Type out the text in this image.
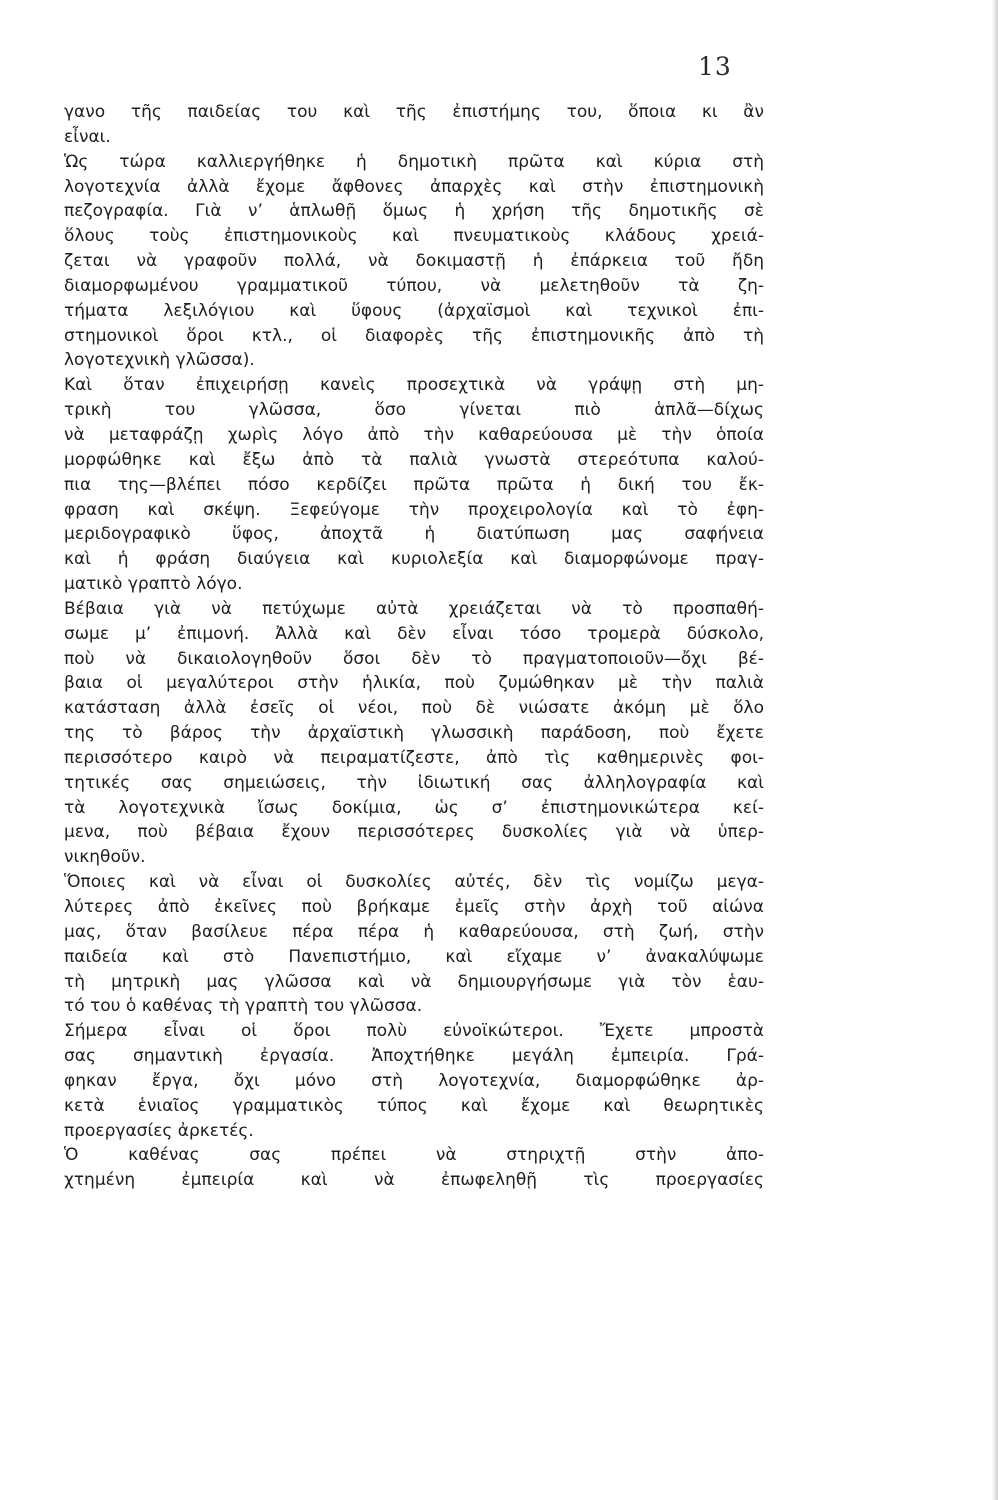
13
γανο τῆς παιδείας του καὶ τῆς ἐπιστήμης του, ὅποια κι ἂν
εἶναι.
Ὡς τώρα καλλιεργήθηκε ἡ δημοτικὴ πρῶτα καὶ κύρια στὴ
λογοτεχνία ἀλλὰ ἔχομε ἄφθονες ἀπαρχὲς καὶ στὴν ἐπιστημονικὴ
πεζογραφία. Γιὰ ν’ ἁπλωθῇ ὅμως ἡ χρήση τῆς δημοτικῆς σὲ
ὅλους τοὺς ἐπιστημονικοὺς καὶ πνευματικοὺς κλάδους χρειά-
ζεται νὰ γραφοῦν πολλά, νὰ δοκιμαστῇ ἡ ἐπάρκεια τοῦ ἤδη
διαμορφωμένου γραμματικοῦ τύπου, νὰ μελετηθοῦν τὰ ζη-
τήματα λεξιλόγιου καὶ ὕφους (ἀρχαϊσμοὶ καὶ τεχνικοὶ ἐπι-
στημονικοὶ ὅροι κτλ., οἱ διαφορὲς τῆς ἐπιστημονικῆς ἀπὸ τὴ
λογοτεχνικὴ γλῶσσα).
Καὶ ὅταν ἐπιχειρήσῃ κανεὶς προσεχτικὰ νὰ γράψῃ στὴ μη-
τρικὴ του γλῶσσα, ὅσο γίνεται πιὸ ἁπλᾶ—δίχως
νὰ μεταφράζῃ χωρὶς λόγο ἀπὸ τὴν καθαρεύουσα μὲ τὴν ὁποία
μορφώθηκε καὶ ἔξω ἀπὸ τὰ παλιὰ γνωστὰ στερεότυπα καλού-
πια της—βλέπει πόσο κερδίζει πρῶτα πρῶτα ἡ δική του ἔκ-
φραση καὶ σκέψη. Ξεφεύγομε τὴν προχειρολογία καὶ τὸ ἐφη-
μεριδογραφικὸ ὕφος, ἀποχτᾶ ἡ διατύπωση μας σαφήνεια
καὶ ἡ φράση διαύγεια καὶ κυριολεξία καὶ διαμορφώνομε πραγ-
ματικὸ γραπτὸ λόγο.
Βέβαια γιὰ νὰ πετύχωμε αὐτὰ χρειάζεται νὰ τὸ προσπαθή-
σωμε μ’ ἐπιμονή. Ἀλλὰ καὶ δὲν εἶναι τόσο τρομερὰ δύσκολο,
ποὺ νὰ δικαιολογηθοῦν ὅσοι δὲν τὸ πραγματοποιοῦν—ὄχι βέ-
βαια οἱ μεγαλύτεροι στὴν ἡλικία, ποὺ ζυμώθηκαν μὲ τὴν παλιὰ
κατάσταση ἀλλὰ ἐσεῖς οἱ νέοι, ποὺ δὲ νιώσατε ἀκόμη μὲ ὅλο
της τὸ βάρος τὴν ἀρχαϊστικὴ γλωσσικὴ παράδοση, ποὺ ἔχετε
περισσότερο καιρὸ νὰ πειραματίζεστε, ἀπὸ τὶς καθημερινὲς φοι-
τητικές σας σημειώσεις, τὴν ἰδιωτική σας ἀλληλογραφία καὶ
τὰ λογοτεχνικὰ ἴσως δοκίμια, ὡς σ’ ἐπιστημονικώτερα κεί-
μενα, ποὺ βέβαια ἔχουν περισσότερες δυσκολίες γιὰ νὰ ὑπερ-
νικηθοῦν.
Ὅποιες καὶ νὰ εἶναι οἱ δυσκολίες αὐτές, δὲν τὶς νομίζω μεγα-
λύτερες ἀπὸ ἐκεῖνες ποὺ βρήκαμε ἐμεῖς στὴν ἀρχὴ τοῦ αἰώνα
μας, ὅταν βασίλευε πέρα πέρα ἡ καθαρεύουσα, στὴ ζωή, στὴν
παιδεία καὶ στὸ Πανεπιστήμιο, καὶ εἴχαμε ν’ ἀνακαλύψωμε
τὴ μητρικὴ μας γλῶσσα καὶ νὰ δημιουργήσωμε γιὰ τὸν ἑαυ-
τό του ὁ καθένας τὴ γραπτὴ του γλῶσσα.
Σήμερα εἶναι οἱ ὅροι πολὺ εὐνοϊκώτεροι. Ἔχετε μπροστὰ
σας σημαντικὴ ἐργασία. Ἀποχτήθηκε μεγάλη ἐμπειρία. Γρά-
φηκαν ἔργα, ὄχι μόνο στὴ λογοτεχνία, διαμορφώθηκε ἀρ-
κετὰ ἑνιαῖος γραμματικὸς τύπος καὶ ἔχομε καὶ θεωρητικὲς
προεργασίες ἀρκετές.
Ὁ καθένας σας πρέπει νὰ στηριχτῇ στὴν ἀπο-
χτημένη ἐμπειρία καὶ νὰ ἐπωφεληθῇ τὶς προεργασίες
